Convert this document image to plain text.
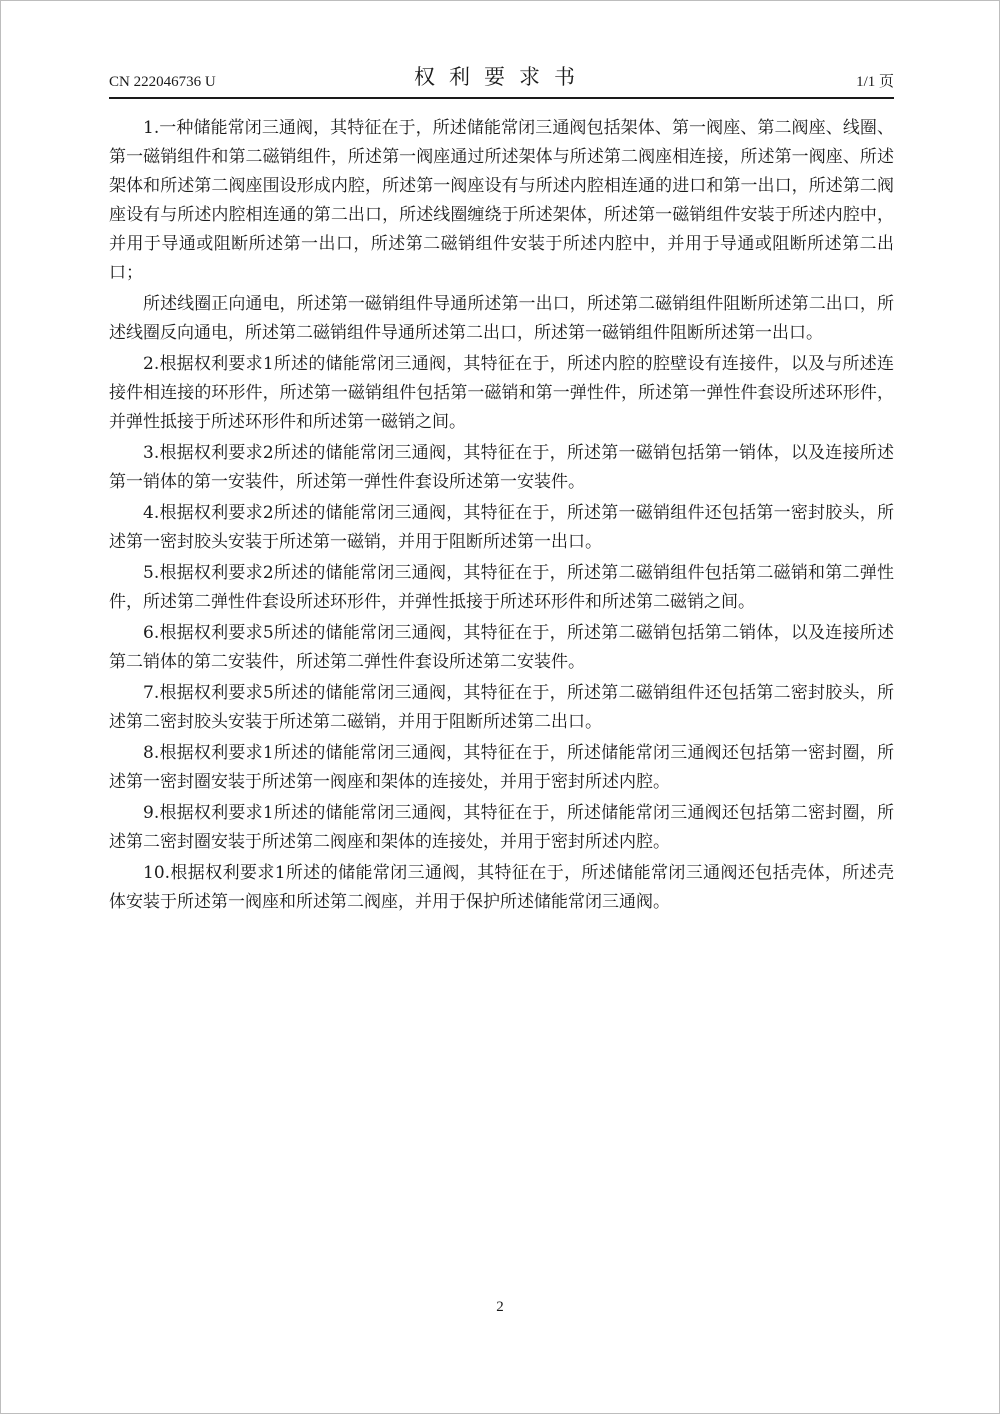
CN 222046736 U	权利要求书	1/1 页

1.一种储能常闭三通阀，其特征在于，所述储能常闭三通阀包括架体、第一阀座、第二阀座、线圈、第一磁销组件和第二磁销组件，所述第一阀座通过所述架体与所述第二阀座相连接，所述第一阀座、所述架体和所述第二阀座围设形成内腔，所述第一阀座设有与所述内腔相连通的进口和第一出口，所述第二阀座设有与所述内腔相连通的第二出口，所述线圈缠绕于所述架体，所述第一磁销组件安装于所述内腔中，并用于导通或阻断所述第一出口，所述第二磁销组件安装于所述内腔中，并用于导通或阻断所述第二出口；

所述线圈正向通电，所述第一磁销组件导通所述第一出口，所述第二磁销组件阻断所述第二出口，所述线圈反向通电，所述第二磁销组件导通所述第二出口，所述第一磁销组件阻断所述第一出口。

2.根据权利要求1所述的储能常闭三通阀，其特征在于，所述内腔的腔壁设有连接件，以及与所述连接件相连接的环形件，所述第一磁销组件包括第一磁销和第一弹性件，所述第一弹性件套设所述环形件，并弹性抵接于所述环形件和所述第一磁销之间。

3.根据权利要求2所述的储能常闭三通阀，其特征在于，所述第一磁销包括第一销体，以及连接所述第一销体的第一安装件，所述第一弹性件套设所述第一安装件。

4.根据权利要求2所述的储能常闭三通阀，其特征在于，所述第一磁销组件还包括第一密封胶头，所述第一密封胶头安装于所述第一磁销，并用于阻断所述第一出口。

5.根据权利要求2所述的储能常闭三通阀，其特征在于，所述第二磁销组件包括第二磁销和第二弹性件，所述第二弹性件套设所述环形件，并弹性抵接于所述环形件和所述第二磁销之间。

6.根据权利要求5所述的储能常闭三通阀，其特征在于，所述第二磁销包括第二销体，以及连接所述第二销体的第二安装件，所述第二弹性件套设所述第二安装件。

7.根据权利要求5所述的储能常闭三通阀，其特征在于，所述第二磁销组件还包括第二密封胶头，所述第二密封胶头安装于所述第二磁销，并用于阻断所述第二出口。

8.根据权利要求1所述的储能常闭三通阀，其特征在于，所述储能常闭三通阀还包括第一密封圈，所述第一密封圈安装于所述第一阀座和架体的连接处，并用于密封所述内腔。

9.根据权利要求1所述的储能常闭三通阀，其特征在于，所述储能常闭三通阀还包括第二密封圈，所述第二密封圈安装于所述第二阀座和架体的连接处，并用于密封所述内腔。

10.根据权利要求1所述的储能常闭三通阀，其特征在于，所述储能常闭三通阀还包括壳体，所述壳体安装于所述第一阀座和所述第二阀座，并用于保护所述储能常闭三通阀。

2
